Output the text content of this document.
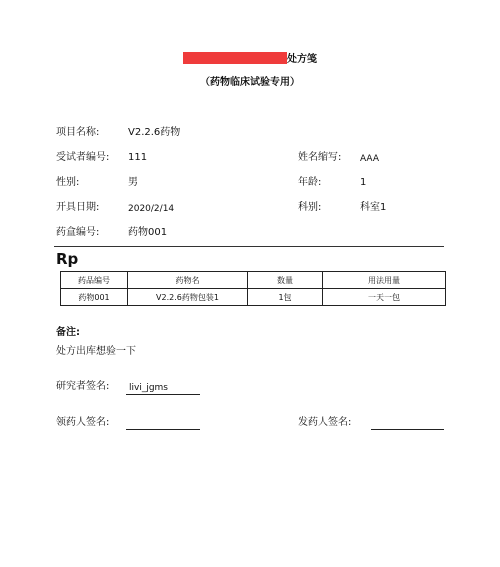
处方笺
（药物临床试验专用）
项目名称:	V2.2.6药物
受试者编号: 111	姓名缩写: AAA
性别:	男	年龄:	1
开具日期:	2020/2/14	科别:	科室1
药盒编号:	药物001
Rp
药品编号	药物名	数量	用法用量
药物001	V2.2.6药物包装1	1包	一天一包
备注:
处方出库想验一下
研究者签名: livi_jgms
领药人签名:	发药人签名:
